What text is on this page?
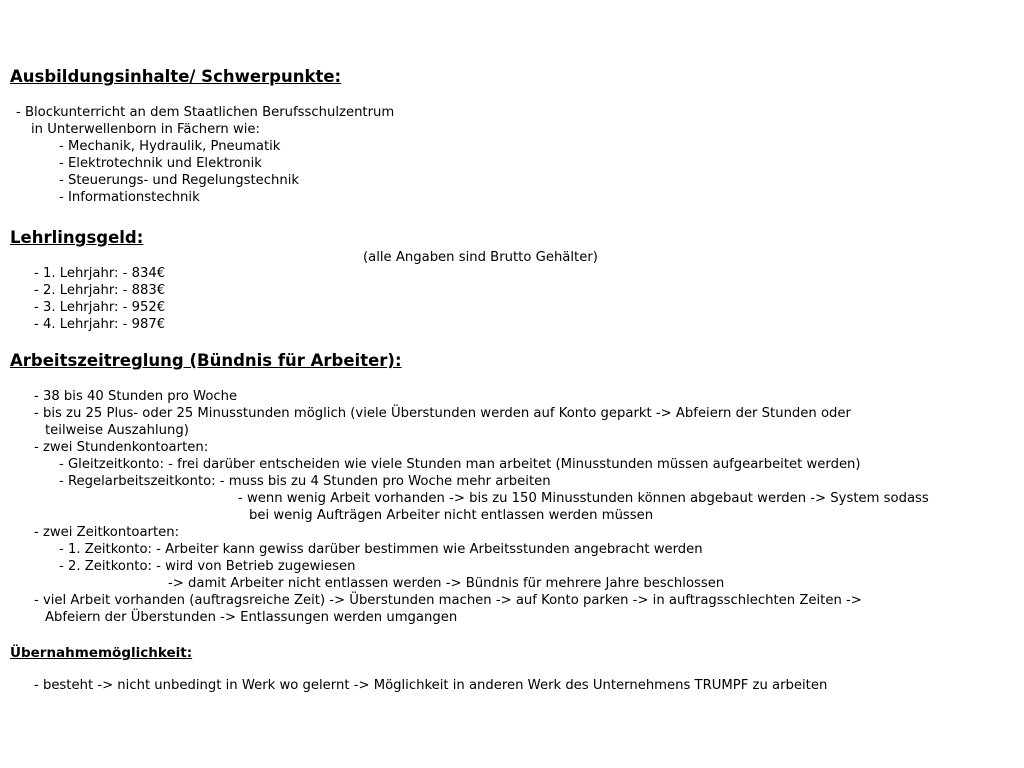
Ausbildungsinhalte/ Schwerpunkte:
- Blockunterricht an dem Staatlichen Berufsschulzentrum
in Unterwellenborn in Fächern wie:
- Mechanik, Hydraulik, Pneumatik
- Elektrotechnik und Elektronik
- Steuerungs- und Regelungstechnik
- Informationstechnik
Lehrlingsgeld:
(alle Angaben sind Brutto Gehälter)
- 1. Lehrjahr: - 834€
- 2. Lehrjahr: - 883€
- 3. Lehrjahr: - 952€
- 4. Lehrjahr: - 987€
Arbeitszeitreglung (Bündnis für Arbeiter):
- 38 bis 40 Stunden pro Woche
- bis zu 25 Plus- oder 25 Minusstunden möglich (viele Überstunden werden auf Konto geparkt -> Abfeiern der Stunden oder
teilweise Auszahlung)
- zwei Stundenkontoarten:
- Gleitzeitkonto: - frei darüber entscheiden wie viele Stunden man arbeitet (Minusstunden müssen aufgearbeitet werden)
- Regelarbeitszeitkonto: - muss bis zu 4 Stunden pro Woche mehr arbeiten
- wenn wenig Arbeit vorhanden -> bis zu 150 Minusstunden können abgebaut werden -> System sodass
bei wenig Aufträgen Arbeiter nicht entlassen werden müssen
- zwei Zeitkontoarten:
- 1. Zeitkonto: - Arbeiter kann gewiss darüber bestimmen wie Arbeitsstunden angebracht werden
- 2. Zeitkonto: - wird von Betrieb zugewiesen
-> damit Arbeiter nicht entlassen werden -> Bündnis für mehrere Jahre beschlossen
- viel Arbeit vorhanden (auftragsreiche Zeit) -> Überstunden machen -> auf Konto parken -> in auftragsschlechten Zeiten ->
Abfeiern der Überstunden -> Entlassungen werden umgangen
Übernahmemöglichkeit:
- besteht -> nicht unbedingt in Werk wo gelernt -> Möglichkeit in anderen Werk des Unternehmens TRUMPF zu arbeiten
